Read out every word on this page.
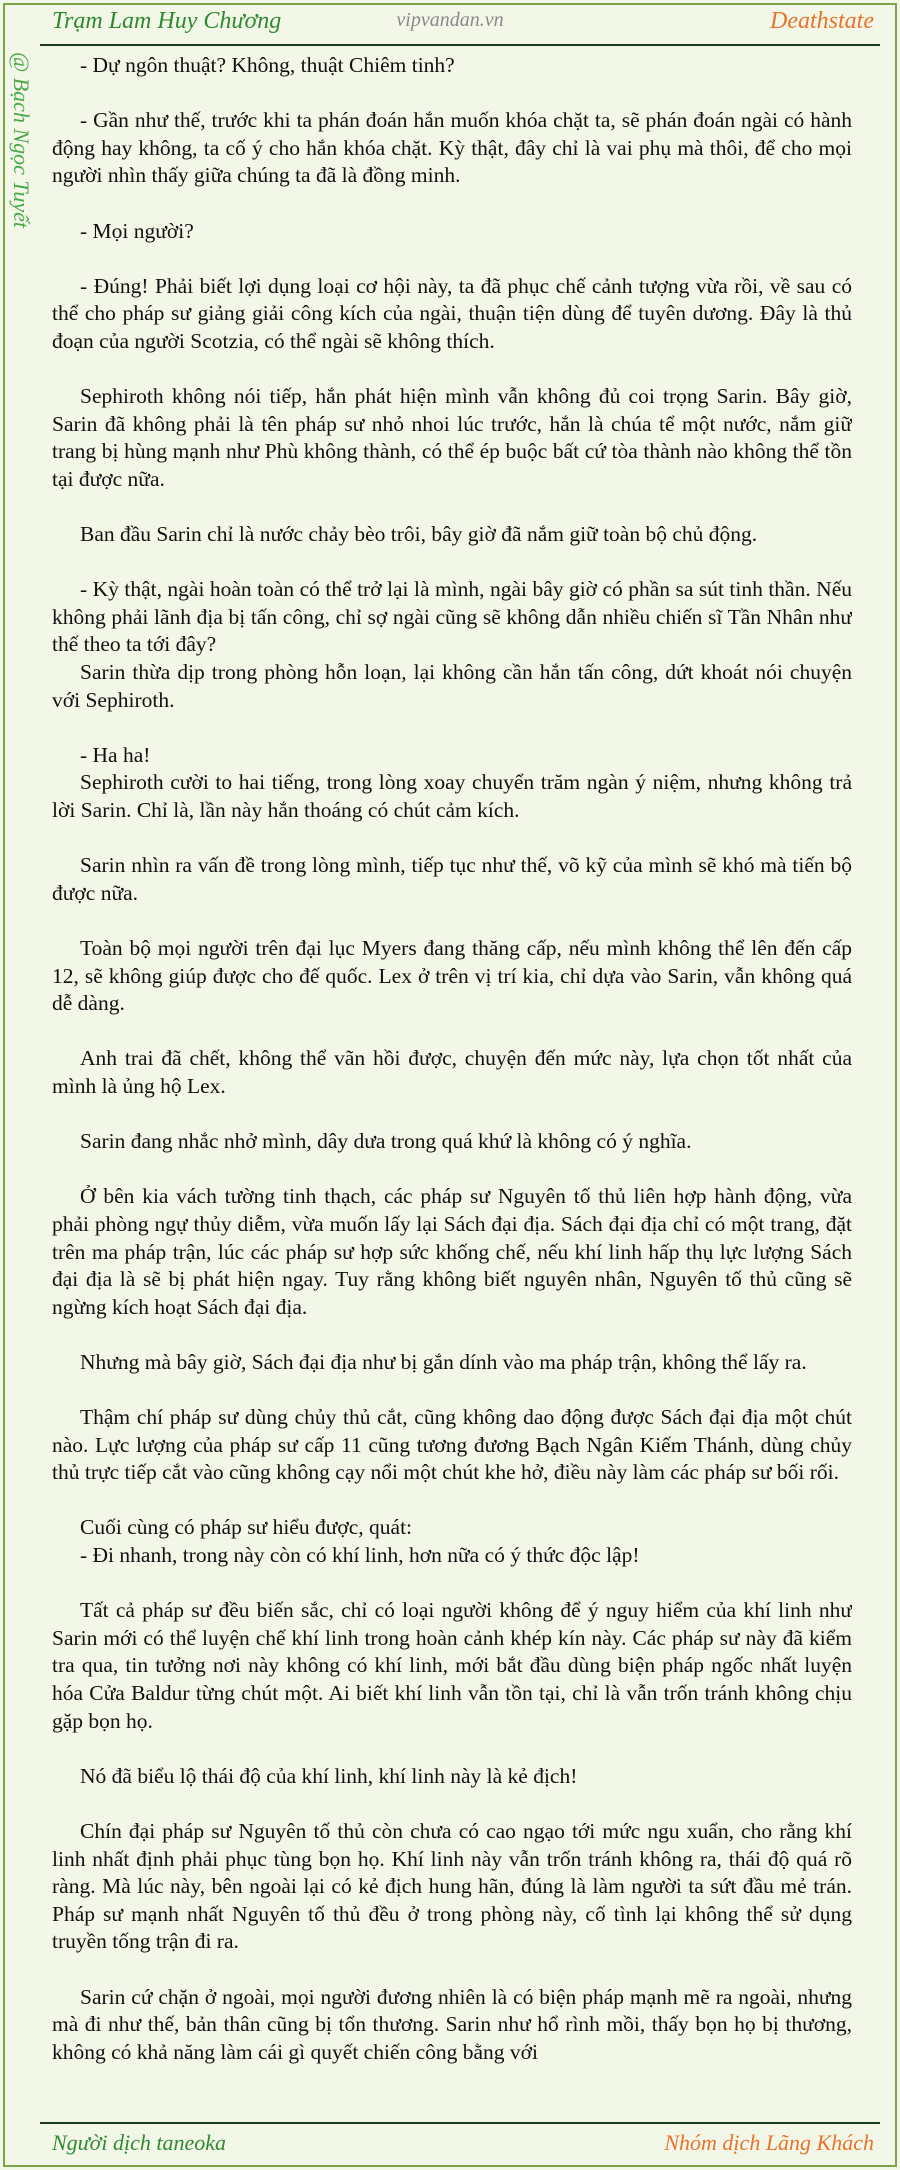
Trạm Lam Huy Chương	vipvandan.vn	Deathstate
@ Bạch Ngọc Tuyết	- Dự ngôn thuật? Không, thuật Chiêm tinh?

- Gần như thế, trước khi ta phán đoán hắn muốn khóa chặt ta, sẽ phán đoán ngài có hành động hay không, ta cố ý cho hắn khóa chặt. Kỳ thật, đây chỉ là vai phụ mà thôi, để cho mọi người nhìn thấy giữa chúng ta đã là đồng minh.

- Mọi người?

- Đúng! Phải biết lợi dụng loại cơ hội này, ta đã phục chế cảnh tượng vừa rồi, về sau có thể cho pháp sư giảng giải công kích của ngài, thuận tiện dùng để tuyên dương. Đây là thủ đoạn của người Scotzia, có thể ngài sẽ không thích.

Sephiroth không nói tiếp, hắn phát hiện mình vẫn không đủ coi trọng Sarin. Bây giờ, Sarin đã không phải là tên pháp sư nhỏ nhoi lúc trước, hắn là chúa tể một nước, nắm giữ trang bị hùng mạnh như Phù không thành, có thể ép buộc bất cứ tòa thành nào không thể tồn tại được nữa.

Ban đầu Sarin chỉ là nước chảy bèo trôi, bây giờ đã nắm giữ toàn bộ chủ động.

- Kỳ thật, ngài hoàn toàn có thể trở lại là mình, ngài bây giờ có phần sa sút tinh thần. Nếu không phải lãnh địa bị tấn công, chỉ sợ ngài cũng sẽ không dẫn nhiều chiến sĩ Tần Nhân như thế theo ta tới đây?

Sarin thừa dịp trong phòng hỗn loạn, lại không cần hắn tấn công, dứt khoát nói chuyện với Sephiroth.

- Ha ha!

Sephiroth cười to hai tiếng, trong lòng xoay chuyển trăm ngàn ý niệm, nhưng không trả lời Sarin. Chỉ là, lần này hắn thoáng có chút cảm kích.

Sarin nhìn ra vấn đề trong lòng mình, tiếp tục như thế, võ kỹ của mình sẽ khó mà tiến bộ được nữa.

Toàn bộ mọi người trên đại lục Myers đang thăng cấp, nếu mình không thể lên đến cấp 12, sẽ không giúp được cho đế quốc. Lex ở trên vị trí kia, chỉ dựa vào Sarin, vẫn không quá dễ dàng.

Anh trai đã chết, không thể vãn hồi được, chuyện đến mức này, lựa chọn tốt nhất của mình là ủng hộ Lex.

Sarin đang nhắc nhở mình, dây dưa trong quá khứ là không có ý nghĩa.

Ở bên kia vách tường tinh thạch, các pháp sư Nguyên tố thủ liên hợp hành động, vừa phải phòng ngự thủy diễm, vừa muốn lấy lại Sách đại địa. Sách đại địa chỉ có một trang, đặt trên ma pháp trận, lúc các pháp sư hợp sức khống chế, nếu khí linh hấp thụ lực lượng Sách đại địa là sẽ bị phát hiện ngay. Tuy rằng không biết nguyên nhân, Nguyên tố thủ cũng sẽ ngừng kích hoạt Sách đại địa.

Nhưng mà bây giờ, Sách đại địa như bị gắn dính vào ma pháp trận, không thể lấy ra.

Thậm chí pháp sư dùng chủy thủ cắt, cũng không dao động được Sách đại địa một chút nào. Lực lượng của pháp sư cấp 11 cũng tương đương Bạch Ngân Kiếm Thánh, dùng chủy thủ trực tiếp cắt vào cũng không cạy nổi một chút khe hở, điều này làm các pháp sư bối rối.

Cuối cùng có pháp sư hiểu được, quát:

- Đi nhanh, trong này còn có khí linh, hơn nữa có ý thức độc lập!

Tất cả pháp sư đều biến sắc, chỉ có loại người không để ý nguy hiểm của khí linh như Sarin mới có thể luyện chế khí linh trong hoàn cảnh khép kín này. Các pháp sư này đã kiểm tra qua, tin tưởng nơi này không có khí linh, mới bắt đầu dùng biện pháp ngốc nhất luyện hóa Cửa Baldur từng chút một. Ai biết khí linh vẫn tồn tại, chỉ là vẫn trốn tránh không chịu gặp bọn họ.

Nó đã biểu lộ thái độ của khí linh, khí linh này là kẻ địch!

Chín đại pháp sư Nguyên tố thủ còn chưa có cao ngạo tới mức ngu xuẩn, cho rằng khí linh nhất định phải phục tùng bọn họ. Khí linh này vẫn trốn tránh không ra, thái độ quá rõ ràng. Mà lúc này, bên ngoài lại có kẻ địch hung hãn, đúng là làm người ta sứt đầu mẻ trán. Pháp sư mạnh nhất Nguyên tố thủ đều ở trong phòng này, cố tình lại không thể sử dụng truyền tống trận đi ra.

Sarin cứ chặn ở ngoài, mọi người đương nhiên là có biện pháp mạnh mẽ ra ngoài, nhưng mà đi như thế, bản thân cũng bị tổn thương. Sarin như hổ rình mồi, thấy bọn họ bị thương, không có khả năng làm cái gì quyết chiến công bằng với

Người dịch taneoka	Nhóm dịch Lãng Khách
